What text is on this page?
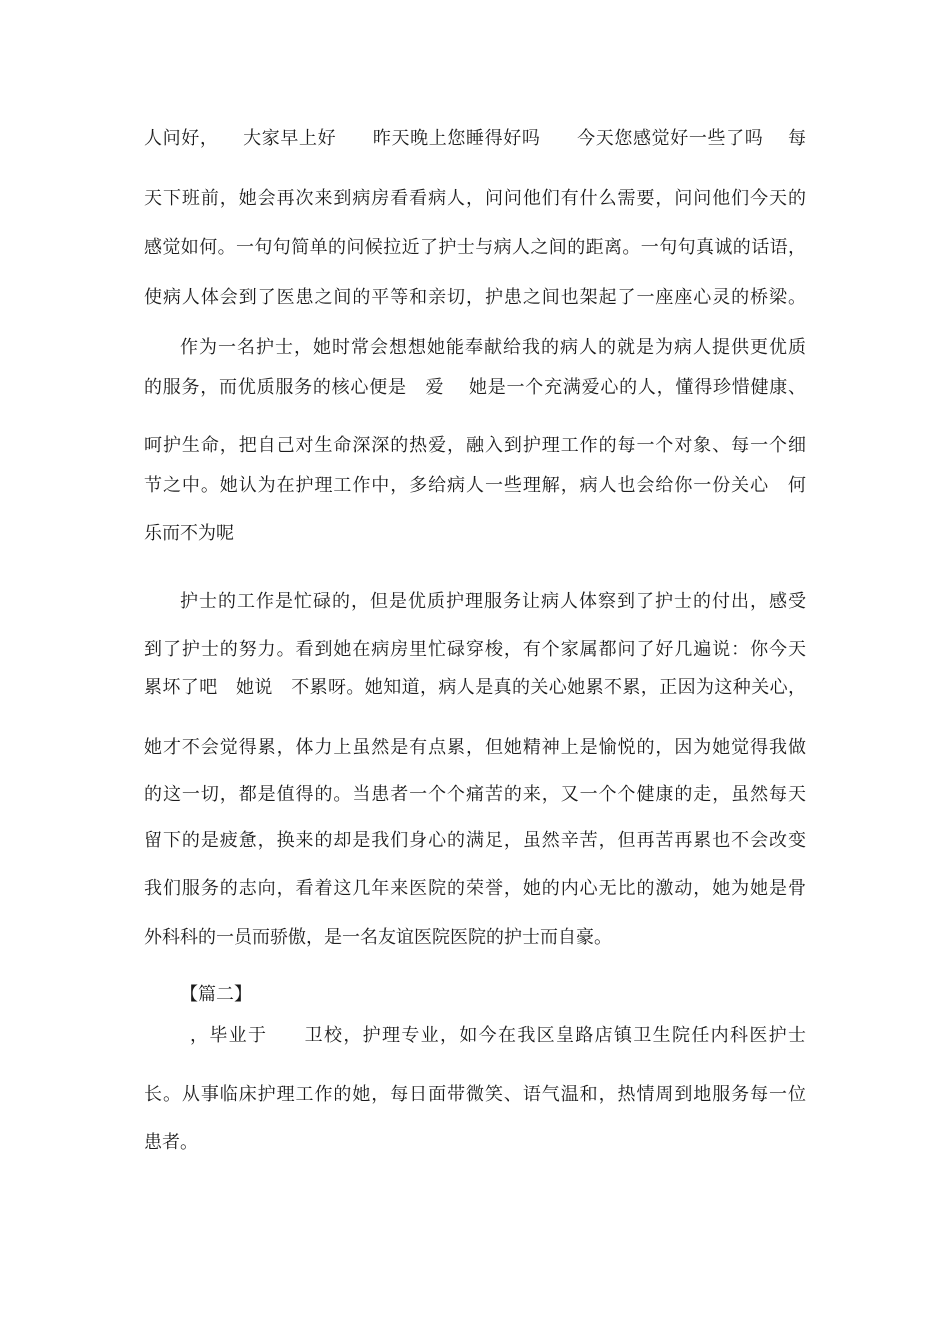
人问好， 大家早上好 昨天晚上您睡得好吗 今天您感觉好一些了吗 每
天下班前，她会再次来到病房看看病人，问问他们有什么需要，问问他们今天的
感觉如何。一句句简单的问候拉近了护士与病人之间的距离。一句句真诚的话语，
使病人体会到了医患之间的平等和亲切，护患之间也架起了一座座心灵的桥梁。
作为一名护士，她时常会想想她能奉献给我的病人的就是为病人提供更优质
的服务，而优质服务的核心便是 爱 她是一个充满爱心的人，懂得珍惜健康、
呵护生命，把自己对生命深深的热爱，融入到护理工作的每一个对象、每一个细
节之中。她认为在护理工作中，多给病人一些理解，病人也会给你一份关心 何
乐而不为呢
护士的工作是忙碌的，但是优质护理服务让病人体察到了护士的付出，感受
到了护士的努力。看到她在病房里忙碌穿梭，有个家属都问了好几遍说：你今天
累坏了吧 她说 不累呀。她知道，病人是真的关心她累不累，正因为这种关心，
她才不会觉得累，体力上虽然是有点累，但她精神上是愉悦的，因为她觉得我做
的这一切，都是值得的。当患者一个个痛苦的来，又一个个健康的走，虽然每天
留下的是疲惫，换来的却是我们身心的满足，虽然辛苦，但再苦再累也不会改变
我们服务的志向，看着这几年来医院的荣誉，她的内心无比的激动，她为她是骨
外科科的一员而骄傲，是一名友谊医院医院的护士而自豪。
【篇二】
，毕业于 卫校，护理专业，如今在我区皇路店镇卫生院任内科医护士
长。从事临床护理工作的她，每日面带微笑、语气温和，热情周到地服务每一位
患者。
